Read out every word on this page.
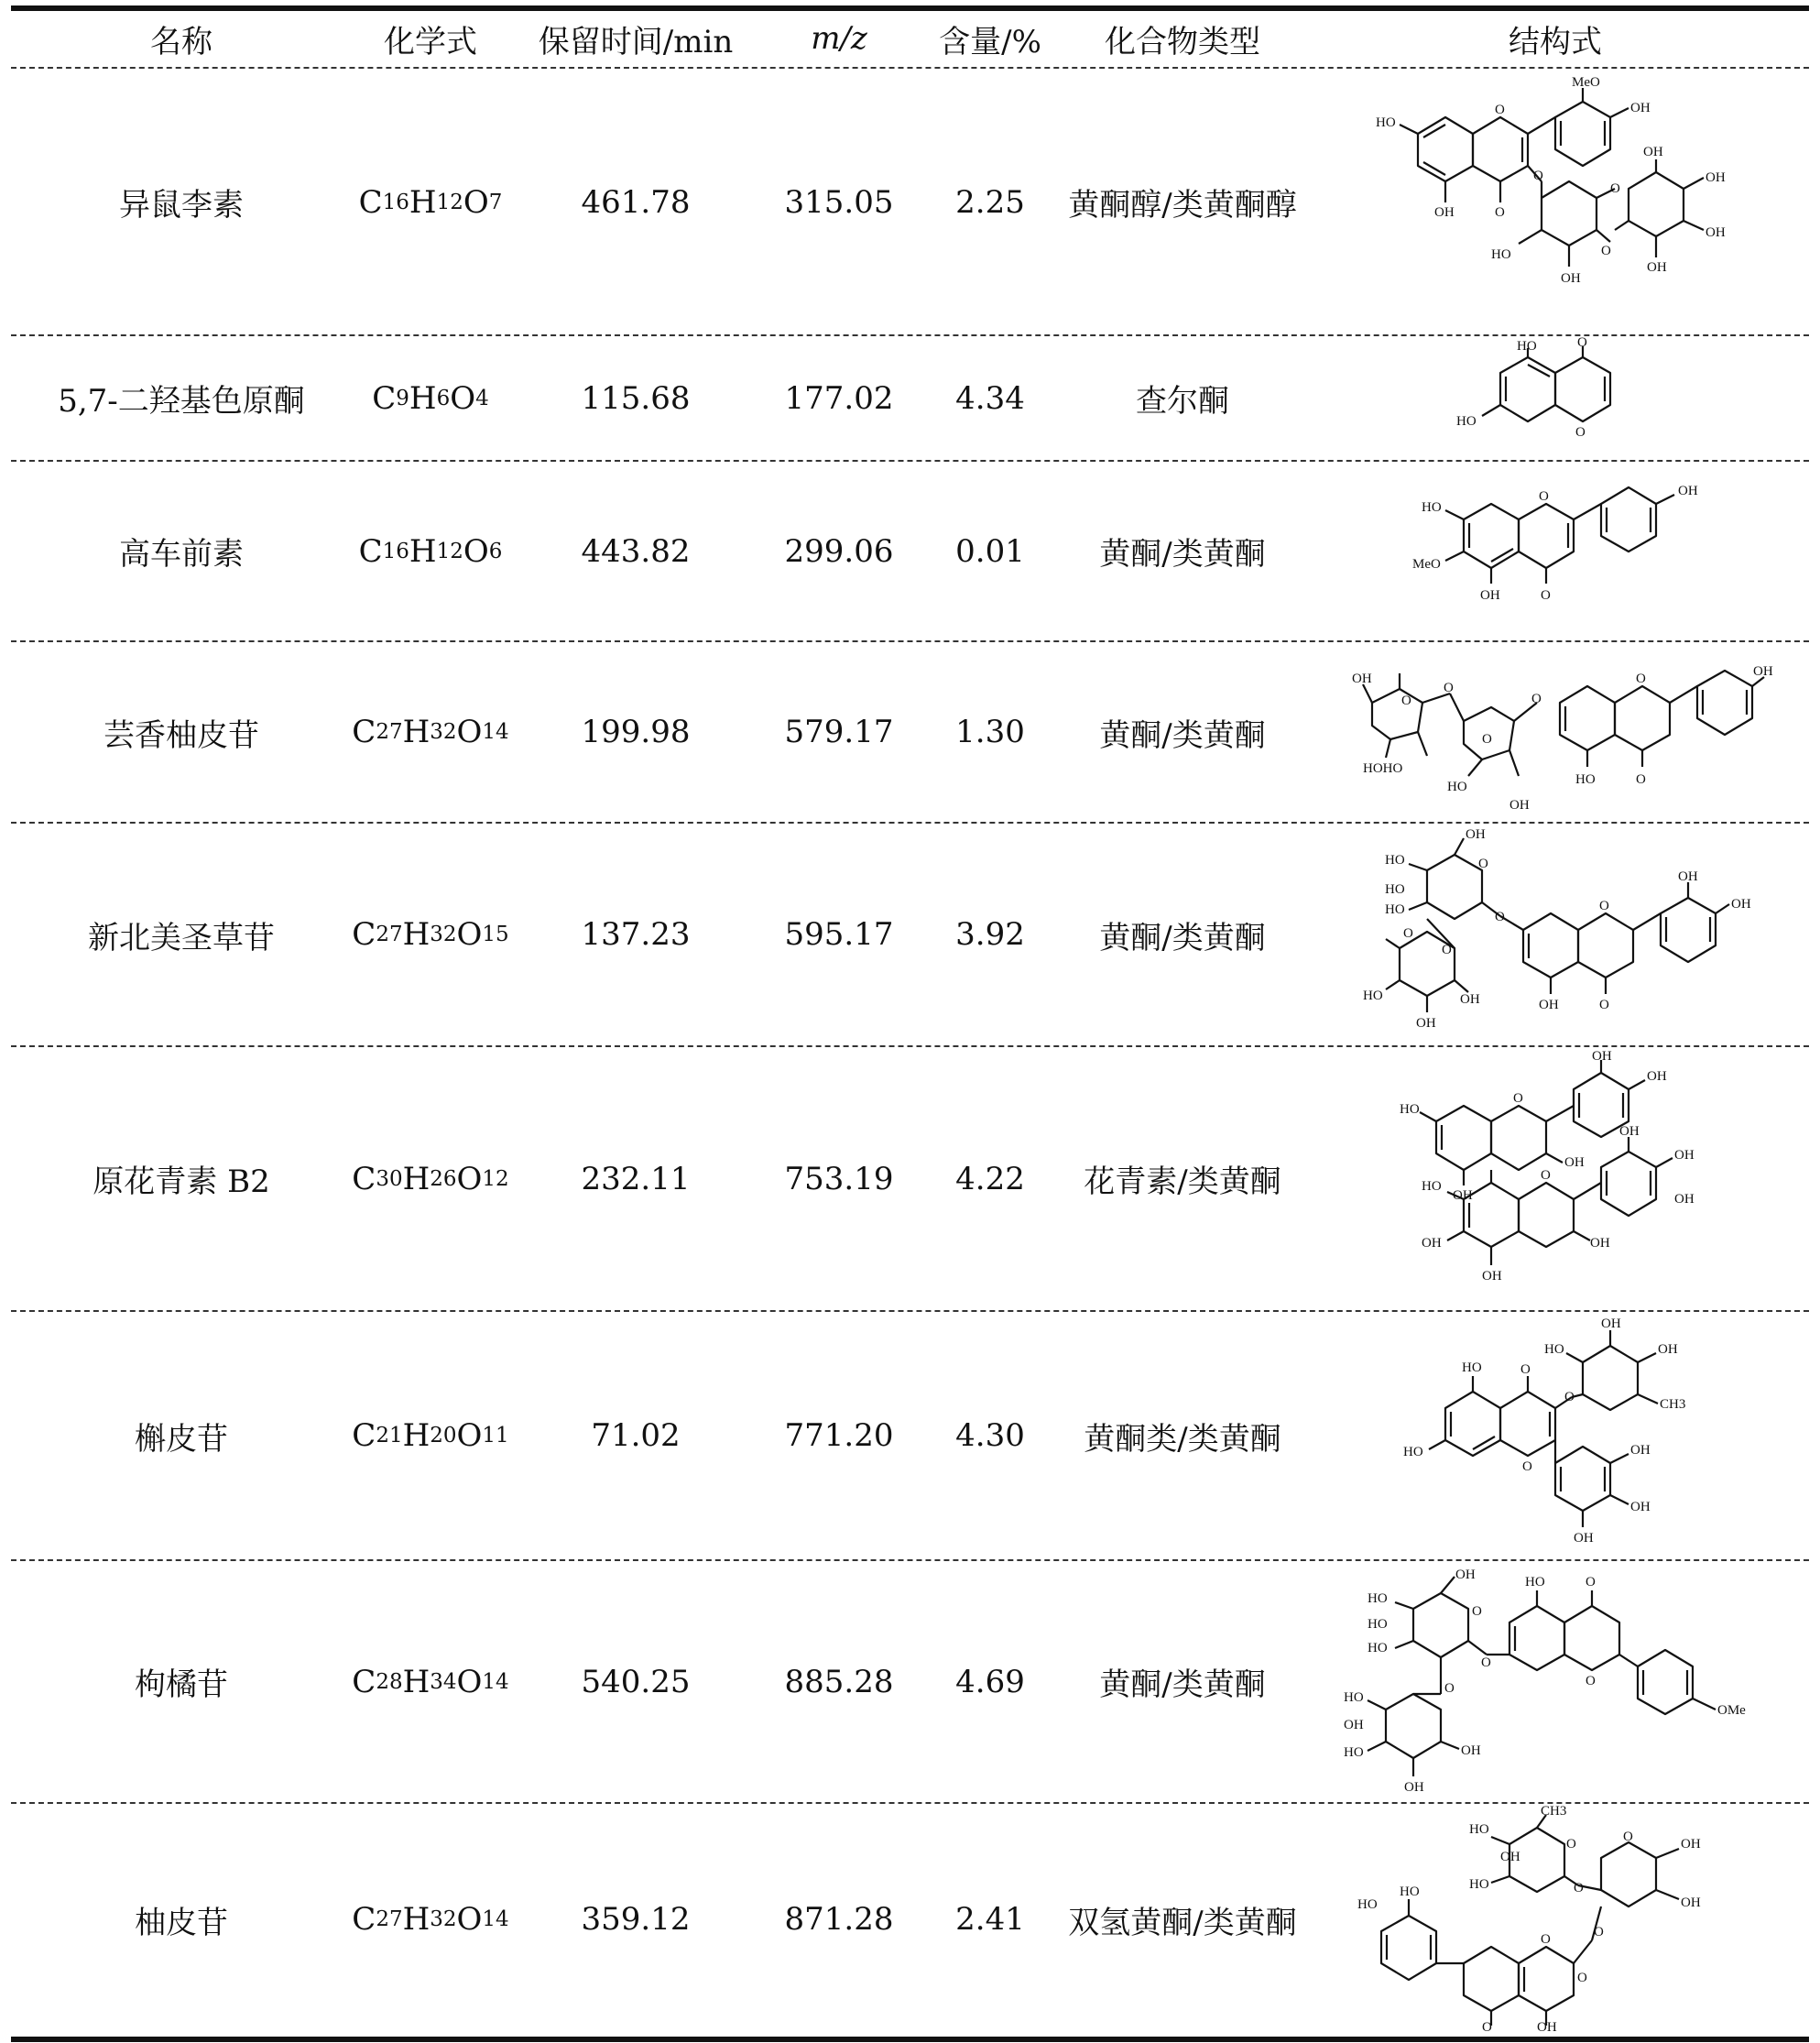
名称	化学式	保留时间/min	m/z	含量/%	化合物类型	结构式
异鼠李素	C 16 H 12 O 7	461.78	315.05	2.25	黄酮醇/类黄酮醇
MeO
OH
HO
O
OH	O
O
O
OH
HO
OH
O
OH
OH
OH
5,7-二羟基色原酮	C 9 H 6 O 4	115.68	177.02	4.34	查尔酮
HO	O
HO
O
高车前素	C 16 H 12 O 6	443.82	299.06	0.01	黄酮/类黄酮
OH
HO
O
MeO
OH	O
芸香柚皮苷	C 27 H 32 O 14	199.98	579.17	1.30	黄酮/类黄酮
OH	OH
O
O
O
O
HOHO
HO
O
HO
OH
O
新北美圣草苷	C 27 H 32 O 15	137.23	595.17	3.92	黄酮/类黄酮
OH
HO	O
HO
HO
O
O
OH
OH
O
O
HO
OH
OH	OH	O
原花青素 B2	C 30 H 26 O 12	232.11	753.19	4.22	花青素/类黄酮
OH
OH
HO
O
OH
OH
OH
HO
OH
O
OH	OH
OH
OH
槲皮苷	C 21 H 20 O 11	71.02	771.20	4.30	黄酮类/类黄酮
HO
OH
OH
HO
O
O	CH3
HO	OH
OH
O
OH
枸橘苷	C 28 H 34 O 14	540.25	885.28	4.69	黄酮/类黄酮
OH
HO
HO
O
HO	O
O
HO
O
O
OMe
HO
OH
HO
OH
OH
柚皮苷	C 27 H 32 O 14	359.12	871.28	2.41	双氢黄酮/类黄酮
HO
CH3
HO
O
HO	O
OH
OH
O
O
OH
HO
O
O
O
OH
